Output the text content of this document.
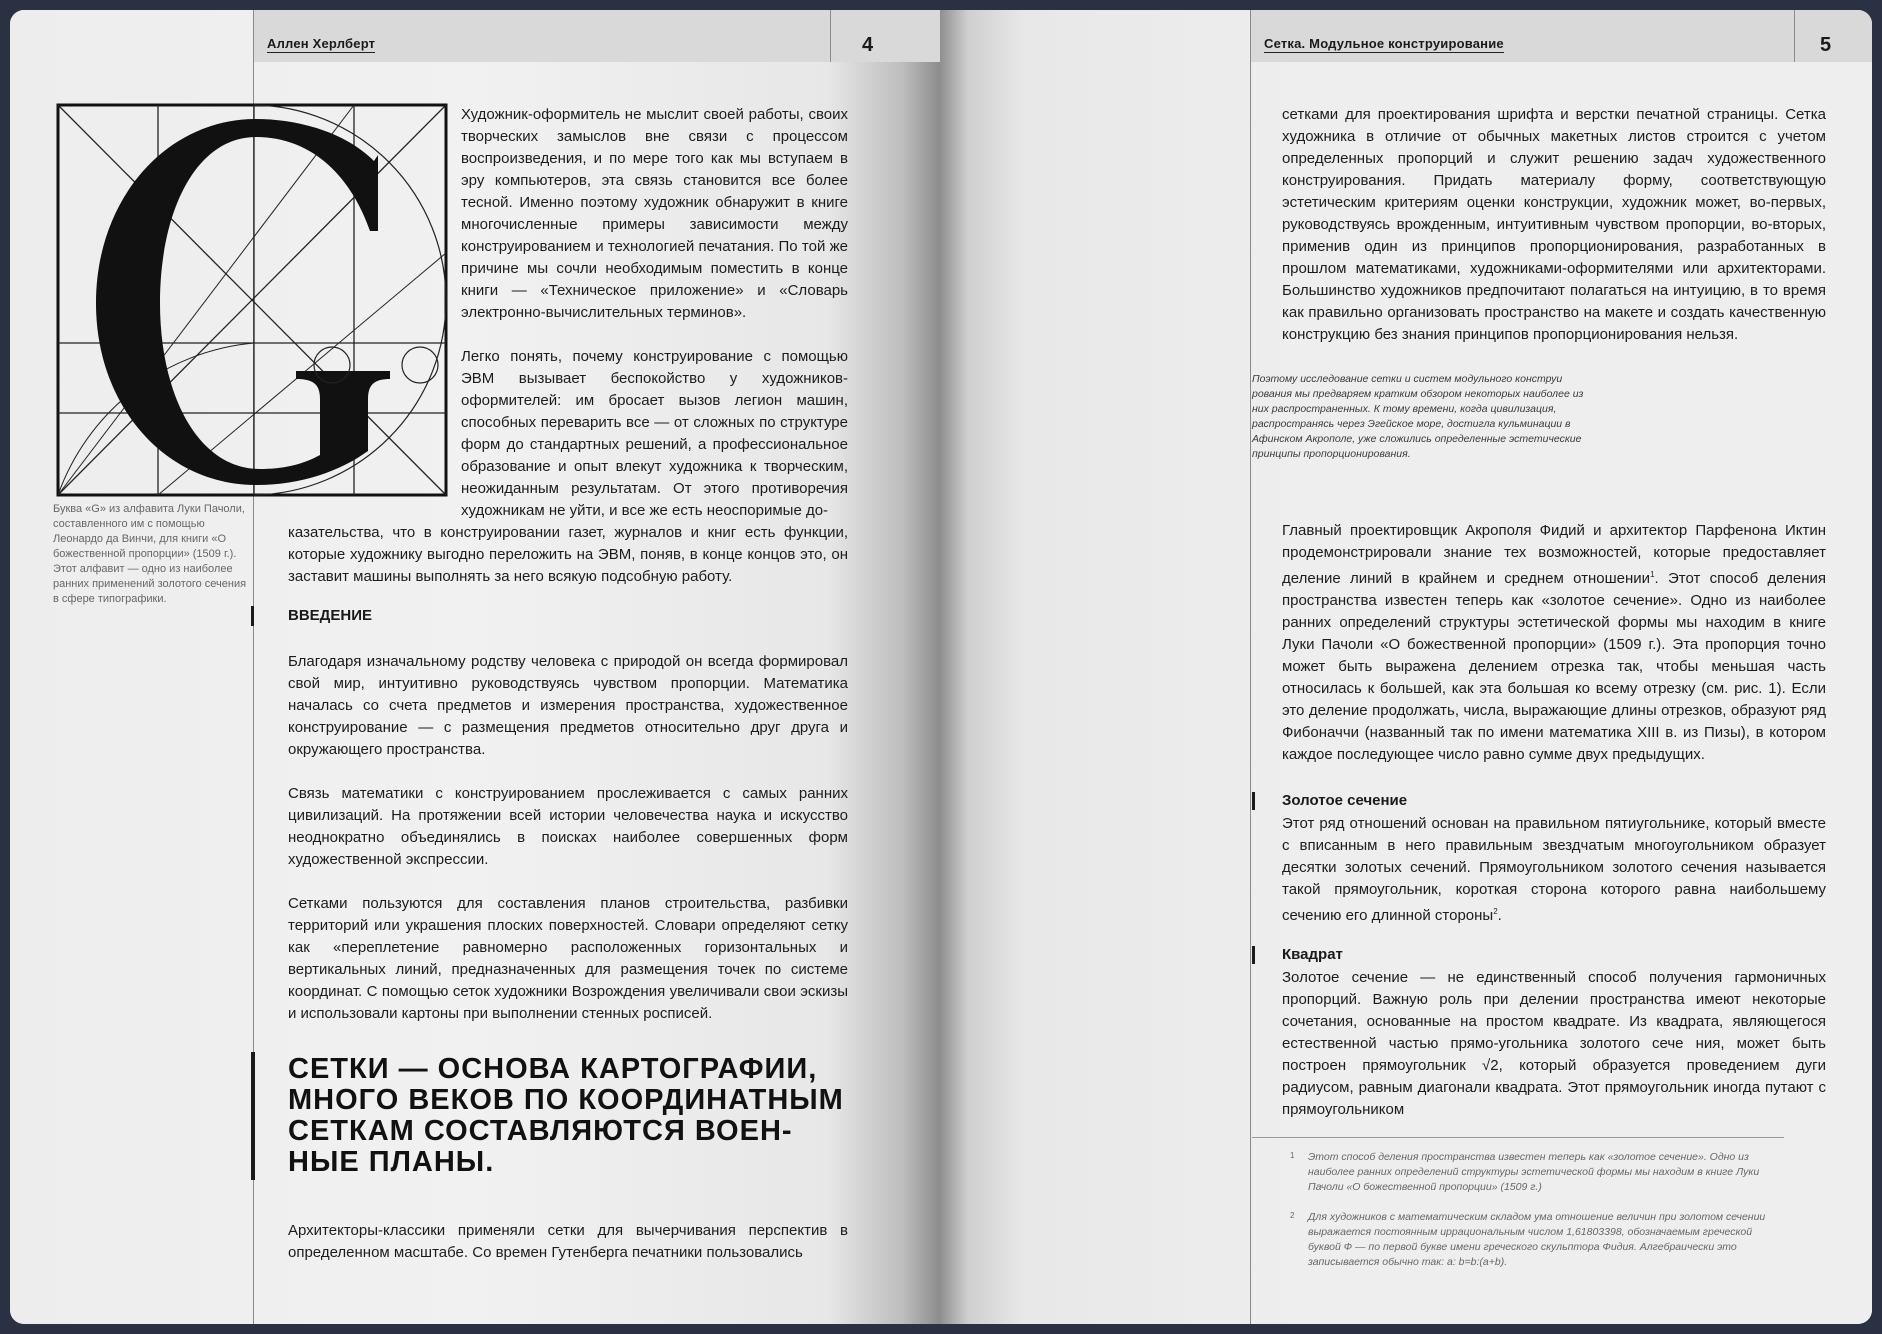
Аллен Херлберт	4
Буква «G» из алфавита Луки Пачоли, составленного им с помощью Леонардо да Винчи, для книги «О божественной пропорции» (1509 г.). Этот алфавит — одно из наиболее ранних применений золотого сечения в сфере типографики.
Художник-оформитель не мыслит своей работы, своих творческих замыслов вне связи с процессом воспроизведения, и по мере того как мы вступаем в эру компьютеров, эта связь становится все более тесной. Именно поэтому художник обнаружит в книге многочисленные примеры зависимости между конструированием и технологией печатания. По той же причине мы сочли необходимым поместить в конце книги — «Техническое приложение» и «Словарь электронно-вычислительных терминов».
Легко понять, почему конструирование с помощью ЭВМ вызывает беспокойство у художников-оформителей: им бросает вызов легион машин, способных переварить все — от сложных по структуре форм до стандартных решений, а профессиональное образование и опыт влекут художника к творческим, неожиданным результатам. От этого противоречия художникам не уйти, и все же есть неоспоримые до-
казательства, что в конструировании газет, журналов и книг есть функции, которые художнику выгодно переложить на ЭВМ, поняв, в конце концов это, он заставит машины выполнять за него всякую подсобную работу.
ВВЕДЕНИЕ
Благодаря изначальному родству человека с природой он всегда формировал свой мир, интуитивно руководствуясь чувством пропорции. Математика началась со счета предметов и измерения пространства, художественное конструирование — с размещения предметов относительно друг друга и окружающего пространства.
Связь математики с конструированием прослеживается с самых ранних цивилизаций. На протяжении всей истории человечества наука и искусство неоднократно объединялись в поисках наиболее совершенных форм художественной экспрессии.
Сетками пользуются для составления планов строительства, разбивки территорий или украшения плоских поверхностей. Словари определяют сетку как «переплетение равномерно расположенных горизонтальных и вертикальных линий, предназначенных для размещения точек по системе координат. С помощью сеток художники Возрождения увеличивали свои эскизы и использовали картоны при выполнении стенных росписей.
СЕТКИ — ОСНОВА КАРТОГРАФИИ,
МНОГО ВЕКОВ ПО КООРДИНАТНЫМ
СЕТКАМ СОСТАВЛЯЮТСЯ ВОЕН-
НЫЕ ПЛАНЫ.
Архитекторы-классики применяли сетки для вычерчивания перспектив в определенном масштабе. Со времен Гутенберга печатники пользовались
Сетка. Модульное конструирование	5
сетками для проектирования шрифта и верстки печатной страницы. Сетка художника в отличие от обычных макетных листов строится с учетом определенных пропорций и служит решению задач художественного конструирования. Придать материалу форму, соответствующую эстетическим критериям оценки конструкции, художник может, во-первых, руководствуясь врожденным, интуитивным чувством пропорции, во-вторых, применив один из принципов пропорционирования, разработанных в прошлом математиками, художниками-оформителями или архитекторами. Большинство художников предпочитают полагаться на интуицию, в то время как правильно организовать пространство на макете и создать качественную конструкцию без знания принципов пропорционирования нельзя.
Поэтому исследование сетки и систем модульного конструи рования мы предваряем кратким обзором некоторых наиболее из них распространенных. К тому времени, когда цивилизация, распространясь через Эгейское море, достигла кульминации в Афинском Акрополе, уже сложились определенные эстетические принципы пропорционирования.
Главный проектировщик Акрополя Фидий и архитектор Парфенона Иктин продемонстрировали знание тех возможностей, которые предоставляет деление линий в крайнем и среднем отношении$^1$. Этот способ деления пространства известен теперь как «золотое сечение». Одно из наиболее ранних определений структуры эстетической формы мы находим в книге Луки Пачоли «О божественной пропорции» (1509 г.). Эта пропорция точно может быть выражена делением отрезка так, чтобы меньшая часть относилась к большей, как эта большая ко всему отрезку (см. рис. 1). Если это деление продолжать, числа, выражающие длины отрезков, образуют ряд Фибоначчи (названный так по имени математика XIII в. из Пизы), в котором каждое последующее число равно сумме двух предыдущих.
Золотое сечение
Этот ряд отношений основан на правильном пятиугольнике, который вместе с вписанным в него правильным звездчатым многоугольником образует десятки золотых сечений. Прямоугольником золотого сечения называется такой прямоугольник, короткая сторона которого равна наибольшему сечению его длинной стороны$^2$.
Квадрат
Золотое сечение — не единственный способ получения гармоничных пропорций. Важную роль при делении пространства имеют некоторые сочетания, основанные на простом квадрате. Из квадрата, являющегося естественной частью прямо-угольника золотого сече ния, может быть построен прямоугольник √2, который образуется проведением дуги радиусом, равным диагонали квадрата. Этот прямоугольник иногда путают с прямоугольником
1 Этот способ деления пространства известен теперь как «золотое сечение». Одно из наиболее ранних определений структуры эстетической формы мы находим в книге Луки Пачоли «О божественной пропорции» (1509 г.)
2 Для художников с математическим складом ума отношение величин при золотом сечении выражается постоянным иррациональным числом 1,61803398, обозначаемым греческой буквой Ф — по первой букве имени греческого скульптора Фидия. Алгебраически это записывается обычно так: a: b=b:(a+b).
